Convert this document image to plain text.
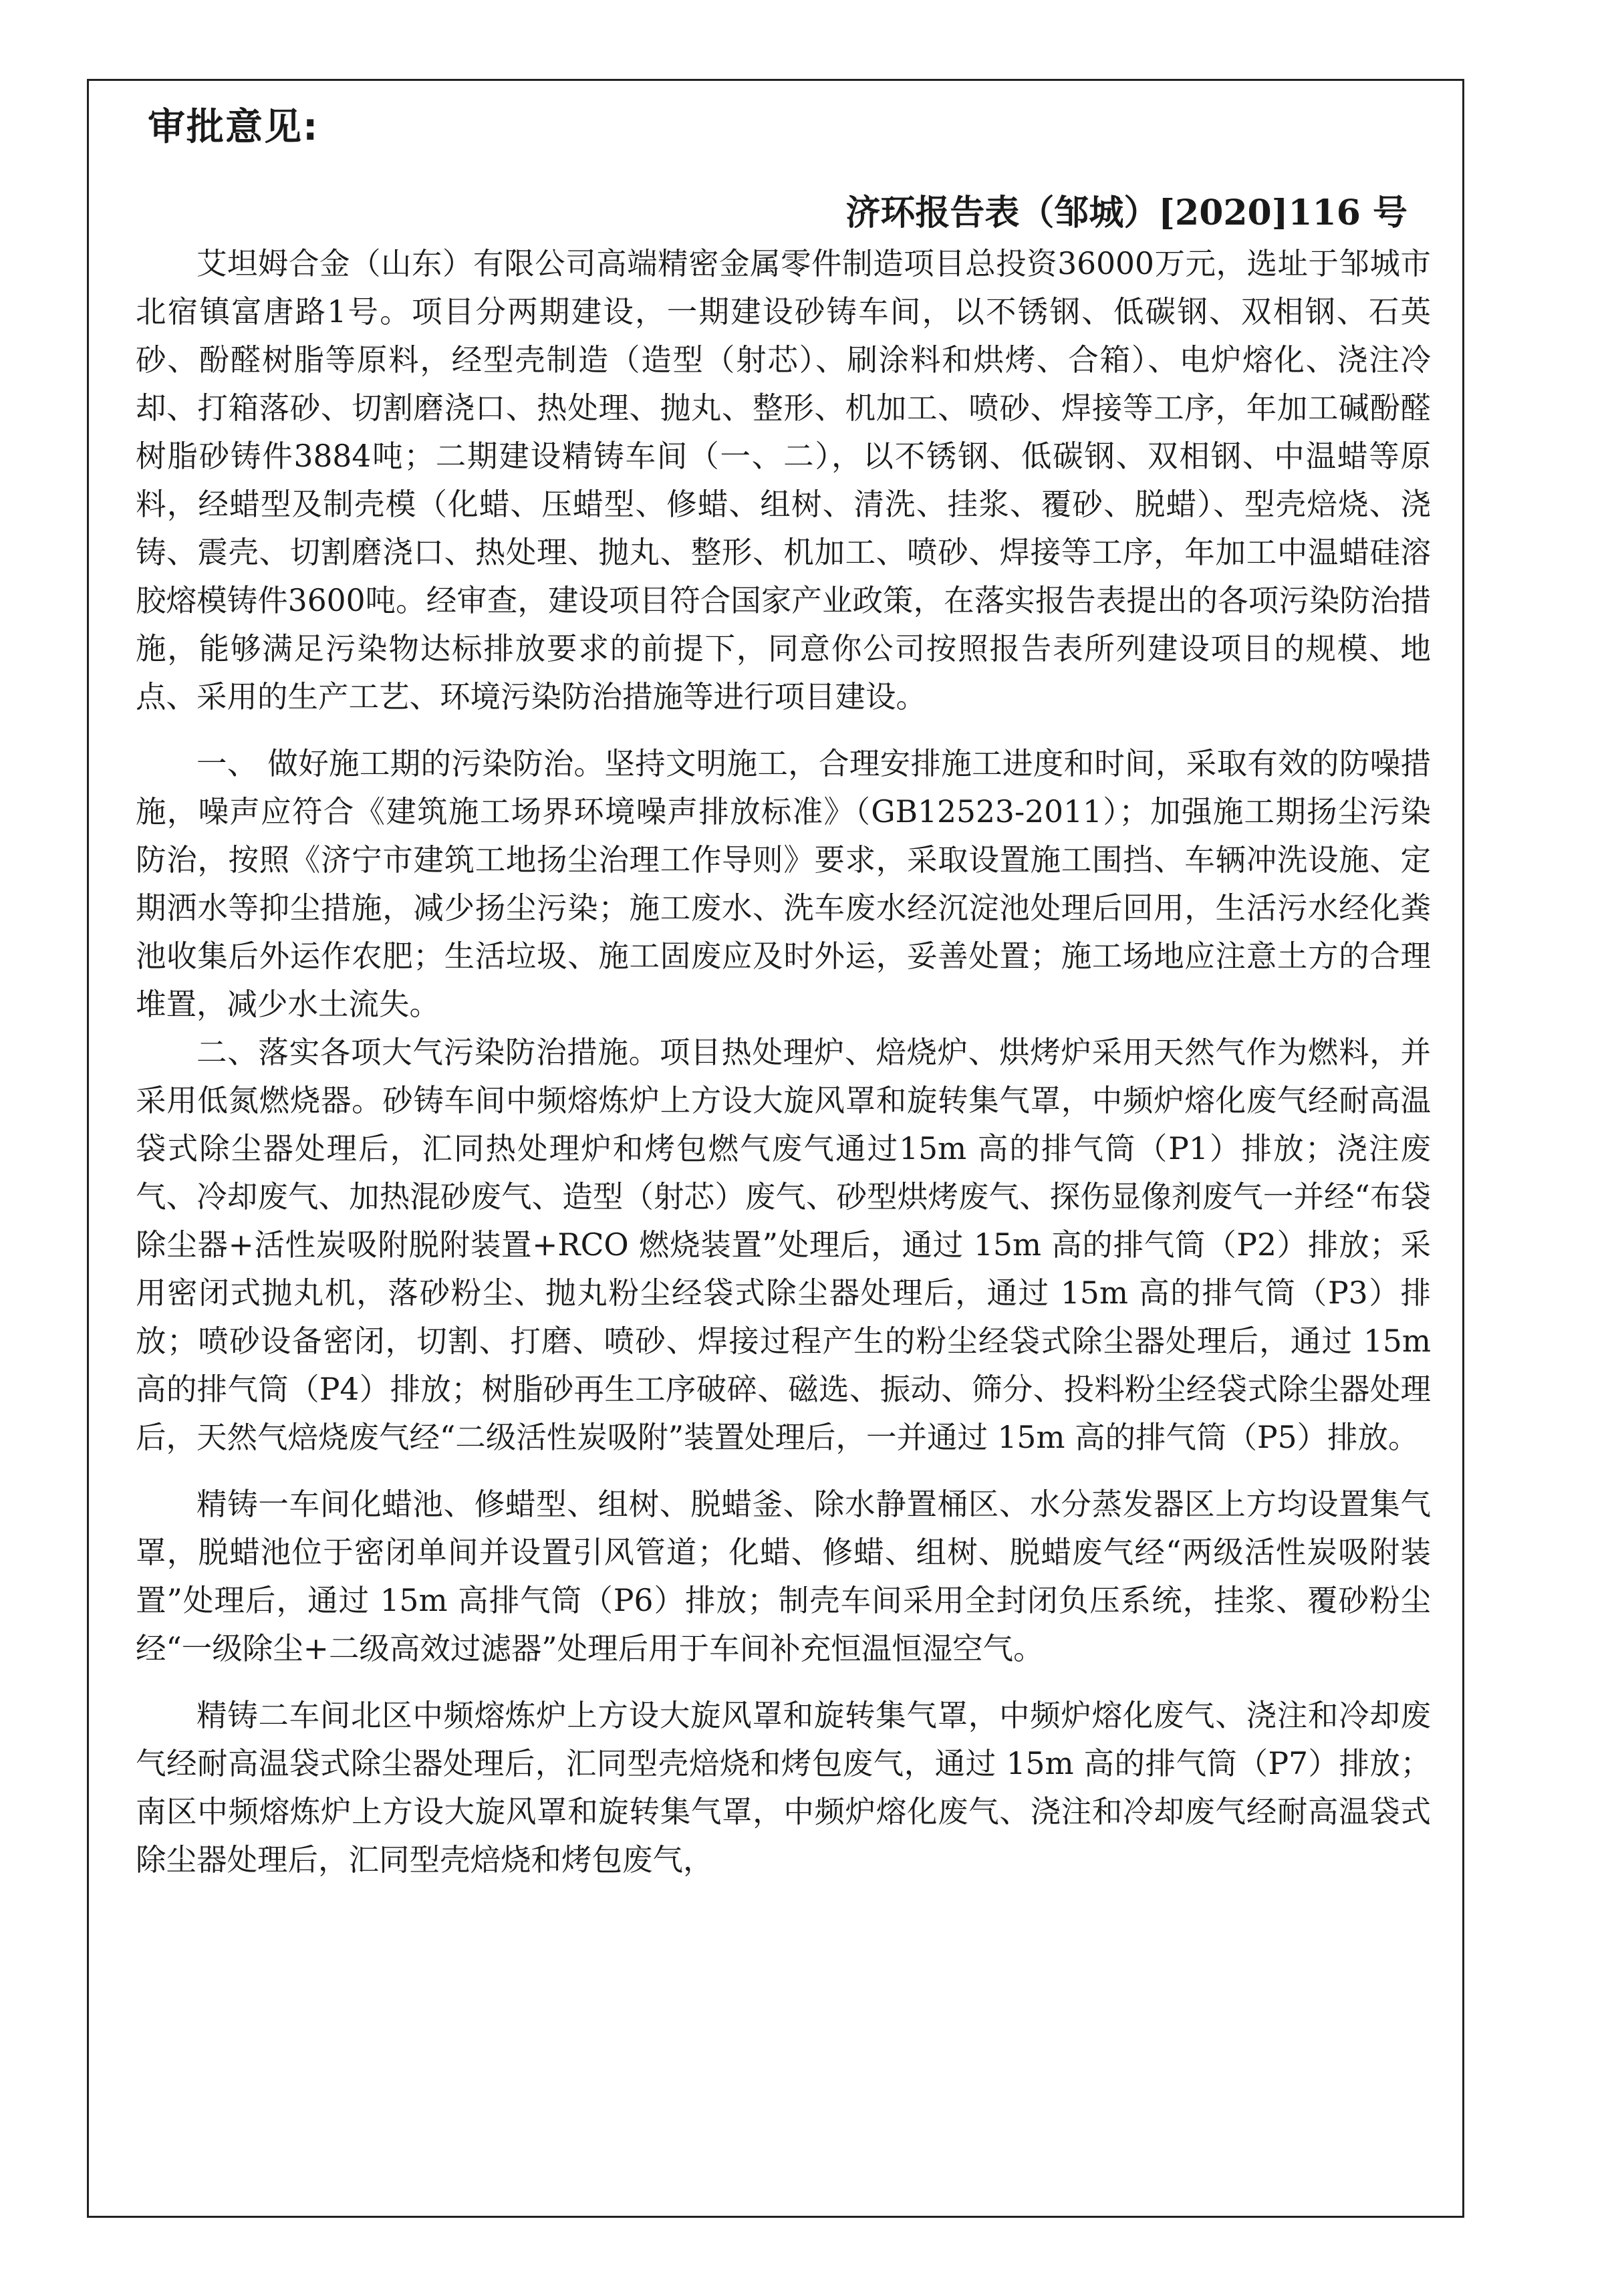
审批意见:
济环报告表（邹城）[2020]116 号

艾坦姆合金（山东）有限公司高端精密金属零件制造项目总投资36000万元，选址于邹城市北宿镇富唐路1号。项目分两期建设，一期建设砂铸车间，以不锈钢、低碳钢、双相钢、石英砂、酚醛树脂等原料，经型壳制造（造型（射芯）、刷涂料和烘烤、合箱）、电炉熔化、浇注冷却、打箱落砂、切割磨浇口、热处理、抛丸、整形、机加工、喷砂、焊接等工序，年加工碱酚醛树脂砂铸件3884吨；二期建设精铸车间（一、二），以不锈钢、低碳钢、双相钢、中温蜡等原料，经蜡型及制壳模（化蜡、压蜡型、修蜡、组树、清洗、挂浆、覆砂、脱蜡）、型壳焙烧、浇铸、震壳、切割磨浇口、热处理、抛丸、整形、机加工、喷砂、焊接等工序，年加工中温蜡硅溶胶熔模铸件3600吨。经审查，建设项目符合国家产业政策，在落实报告表提出的各项污染防治措施，能够满足污染物达标排放要求的前提下，同意你公司按照报告表所列建设项目的规模、地点、采用的生产工艺、环境污染防治措施等进行项目建设。

一、 做好施工期的污染防治。坚持文明施工，合理安排施工进度和时间，采取有效的防噪措施，噪声应符合《建筑施工场界环境噪声排放标准》（GB12523-2011）；加强施工期扬尘污染防治，按照《济宁市建筑工地扬尘治理工作导则》要求，采取设置施工围挡、车辆冲洗设施、定期洒水等抑尘措施，减少扬尘污染；施工废水、洗车废水经沉淀池处理后回用，生活污水经化粪池收集后外运作农肥；生活垃圾、施工固废应及时外运，妥善处置；施工场地应注意土方的合理堆置，减少水土流失。

二、落实各项大气污染防治措施。项目热处理炉、焙烧炉、烘烤炉采用天然气作为燃料，并采用低氮燃烧器。砂铸车间中频熔炼炉上方设大旋风罩和旋转集气罩，中频炉熔化废气经耐高温袋式除尘器处理后，汇同热处理炉和烤包燃气废气通过15m 高的排气筒（P1）排放；浇注废气、冷却废气、加热混砂废气、造型（射芯）废气、砂型烘烤废气、探伤显像剂废气一并经“布袋除尘器+活性炭吸附脱附装置+RCO 燃烧装置”处理后，通过 15m 高的排气筒（P2）排放；采用密闭式抛丸机，落砂粉尘、抛丸粉尘经袋式除尘器处理后，通过 15m 高的排气筒（P3）排放；喷砂设备密闭，切割、打磨、喷砂、焊接过程产生的粉尘经袋式除尘器处理后，通过 15m 高的排气筒（P4）排放；树脂砂再生工序破碎、磁选、振动、筛分、投料粉尘经袋式除尘器处理后，天然气焙烧废气经“二级活性炭吸附”装置处理后，一并通过 15m 高的排气筒（P5）排放。

精铸一车间化蜡池、修蜡型、组树、脱蜡釜、除水静置桶区、水分蒸发器区上方均设置集气罩，脱蜡池位于密闭单间并设置引风管道；化蜡、修蜡、组树、脱蜡废气经“两级活性炭吸附装置”处理后，通过 15m 高排气筒（P6）排放；制壳车间采用全封闭负压系统，挂浆、覆砂粉尘经“一级除尘+二级高效过滤器”处理后用于车间补充恒温恒湿空气。

精铸二车间北区中频熔炼炉上方设大旋风罩和旋转集气罩，中频炉熔化废气、浇注和冷却废气经耐高温袋式除尘器处理后，汇同型壳焙烧和烤包废气，通过 15m 高的排气筒（P7）排放；南区中频熔炼炉上方设大旋风罩和旋转集气罩，中频炉熔化废气、浇注和冷却废气经耐高温袋式除尘器处理后，汇同型壳焙烧和烤包废气，
